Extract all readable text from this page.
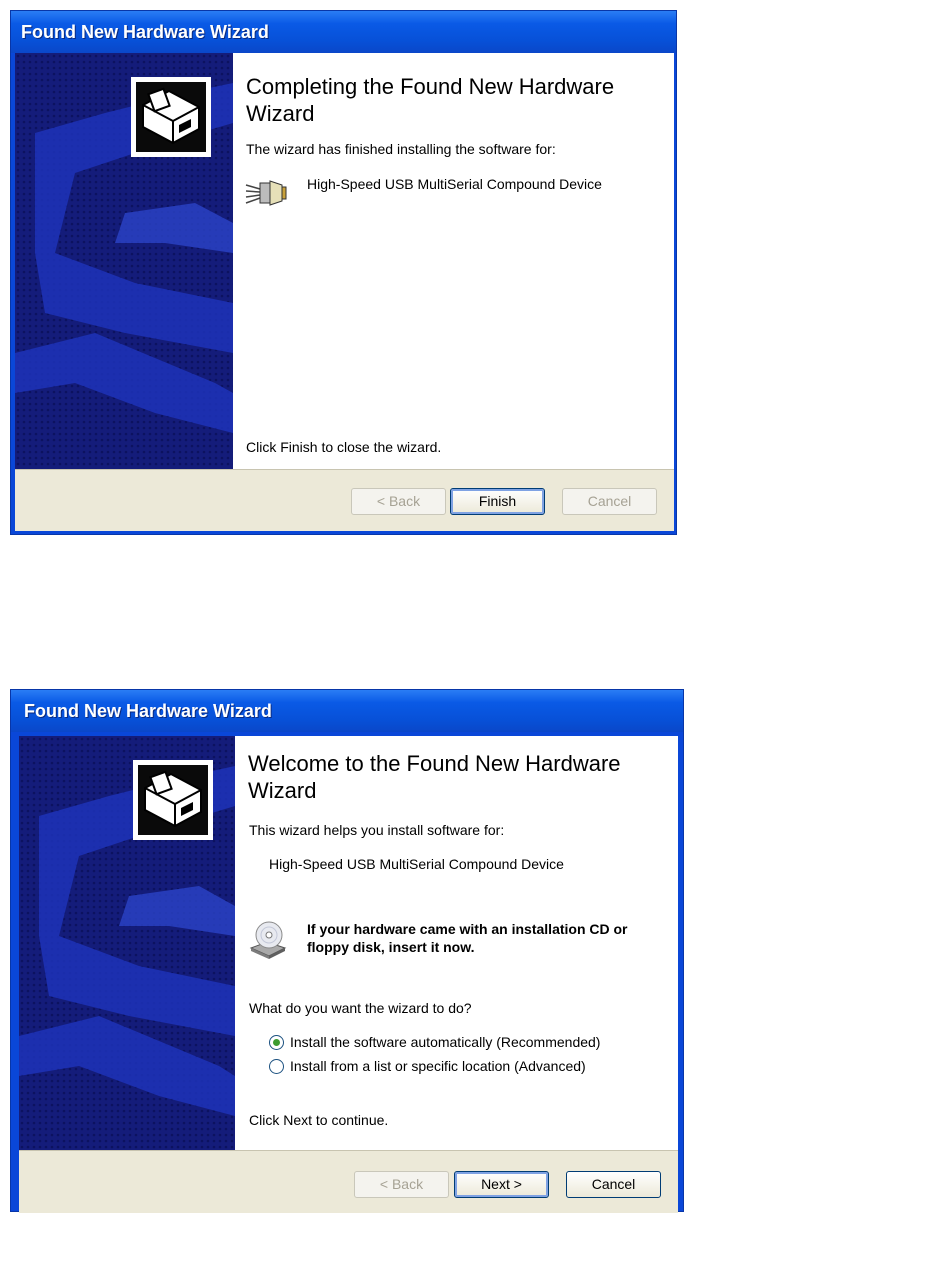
Found New Hardware Wizard
Completing the Found New Hardware Wizard
The wizard has finished installing the software for:
High-Speed USB MultiSerial Compound Device
Click Finish to close the wizard.
< Back	Finish	Cancel
Found New Hardware Wizard
Welcome to the Found New Hardware Wizard
This wizard helps you install software for:
High-Speed USB MultiSerial Compound Device
If your hardware came with an installation CD or floppy disk, insert it now.
What do you want the wizard to do?
Install the software automatically (Recommended)
Install from a list or specific location (Advanced)
Click Next to continue.
< Back	Next >	Cancel
